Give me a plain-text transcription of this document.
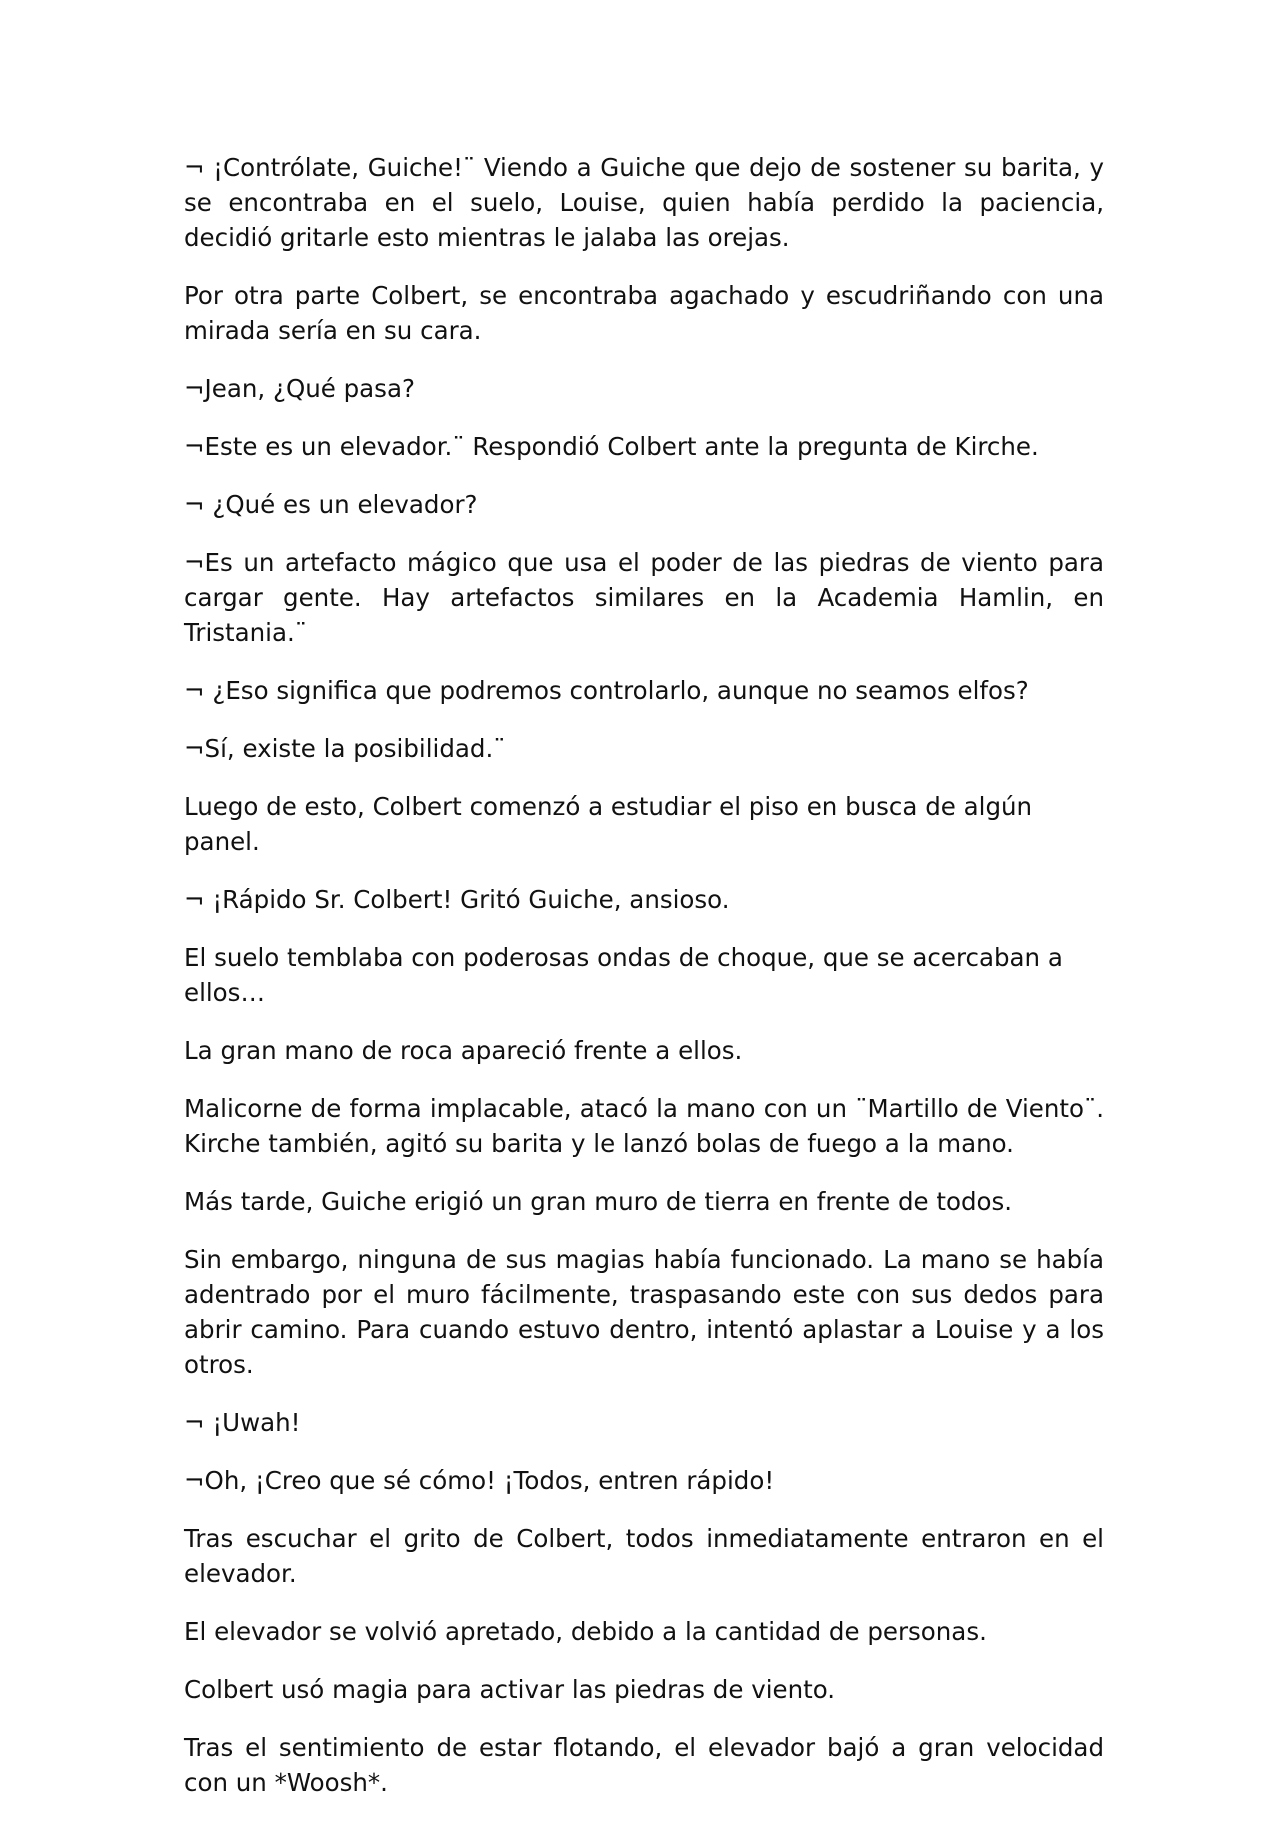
¬ ¡Contrólate, Guiche!¨ Viendo a Guiche que dejo de sostener su barita, y se encontraba en el suelo, Louise, quien había perdido la paciencia, decidió gritarle esto mientras le jalaba las orejas.

Por otra parte Colbert, se encontraba agachado y escudriñando con una mirada sería en su cara.

¬Jean, ¿Qué pasa?

¬Este es un elevador.¨ Respondió Colbert ante la pregunta de Kirche.

¬ ¿Qué es un elevador?

¬Es un artefacto mágico que usa el poder de las piedras de viento para cargar gente. Hay artefactos similares en la Academia Hamlin, en Tristania.¨

¬ ¿Eso significa que podremos controlarlo, aunque no seamos elfos?

¬Sí, existe la posibilidad.¨

Luego de esto, Colbert comenzó a estudiar el piso en busca de algún panel.

¬ ¡Rápido Sr. Colbert! Gritó Guiche, ansioso.

El suelo temblaba con poderosas ondas de choque, que se acercaban a ellos…

La gran mano de roca apareció frente a ellos.

Malicorne de forma implacable, atacó la mano con un ¨Martillo de Viento¨. Kirche también, agitó su barita y le lanzó bolas de fuego a la mano.

Más tarde, Guiche erigió un gran muro de tierra en frente de todos.

Sin embargo, ninguna de sus magias había funcionado. La mano se había adentrado por el muro fácilmente, traspasando este con sus dedos para abrir camino. Para cuando estuvo dentro, intentó aplastar a Louise y a los otros.

¬ ¡Uwah!

¬Oh, ¡Creo que sé cómo! ¡Todos, entren rápido!

Tras escuchar el grito de Colbert, todos inmediatamente entraron en el elevador.

El elevador se volvió apretado, debido a la cantidad de personas.

Colbert usó magia para activar las piedras de viento.

Tras el sentimiento de estar flotando, el elevador bajó a gran velocidad con un *Woosh*.
